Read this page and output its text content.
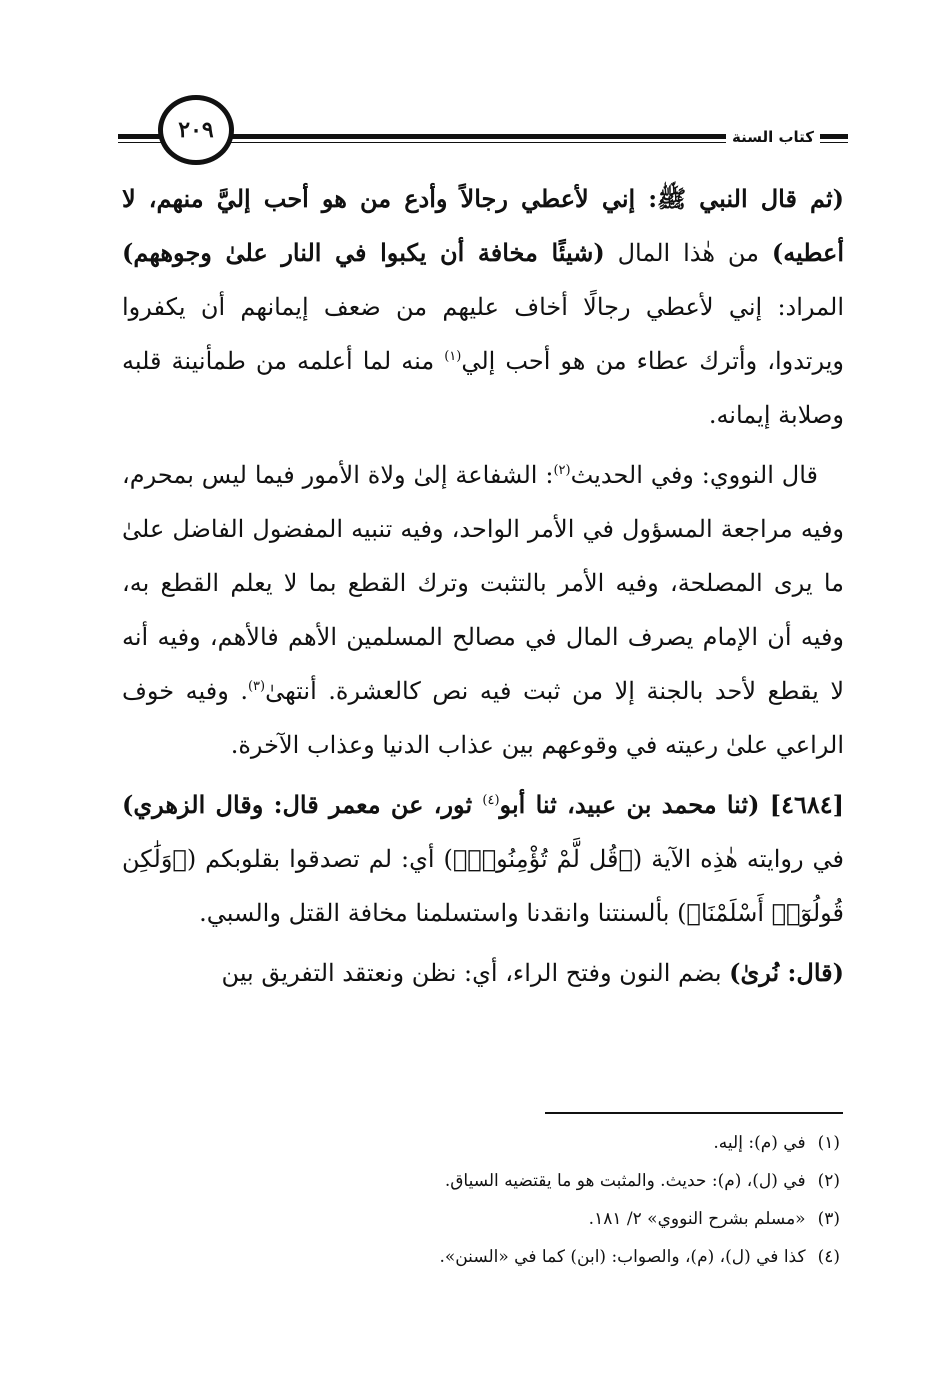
كتاب السنة
٢٠٩

(ثم قال النبي ﷺ: إني لأعطي رجالاً وأدع من هو أحب إليَّ منهم، لا أعطيه) من هٰذا المال (شيئًا مخافة أن يكبوا في النار علىٰ وجوههم) المراد: إني لأعطي رجالًا أخاف عليهم من ضعف إيمانهم أن يكفروا ويرتدوا، وأترك عطاء من هو أحب إلي$^{(١)}$ منه لما أعلمه من طمأنينة قلبه وصلابة إيمانه.

قال النووي: وفي الحديث$^{(٢)}$: الشفاعة إلىٰ ولاة الأمور فيما ليس بمحرم، وفيه مراجعة المسؤول في الأمر الواحد، وفيه تنبيه المفضول الفاضل علىٰ ما يرى المصلحة، وفيه الأمر بالتثبت وترك القطع بما لا يعلم القطع به، وفيه أن الإمام يصرف المال في مصالح المسلمين الأهم فالأهم، وفيه أنه لا يقطع لأحد بالجنة إلا من ثبت فيه نص كالعشرة. أنتهىٰ$^{(٣)}$. وفيه خوف الراعي علىٰ رعيته في وقوعهم بين عذاب الدنيا وعذاب الآخرة.

[٤٦٨٤] (ثنا محمد بن عبيد، ثنا أبو$^{(٤)}$ ثور، عن معمر قال: وقال الزهري) في روايته هٰذِه الآية (﴿قُل لَّمْ تُؤْمِنُوا۟﴾) أي: لم تصدقوا بقلوبكم (﴿وَلَٰكِن قُولُوٓا۟ أَسْلَمْنَا﴾) بألسنتنا وانقدنا واستسلمنا مخافة القتل والسبي.

(قال: نُرىٰ) بضم النون وفتح الراء، أي: نظن ونعتقد التفريق بين

(١)في (م): إليه.

(٢)في (ل)، (م): حديث. والمثبت هو ما يقتضيه السياق.

(٣)«مسلم بشرح النووي» ٢/ ١٨١.

(٤)كذا في (ل)، (م)، والصواب: (ابن) كما في «السنن».
